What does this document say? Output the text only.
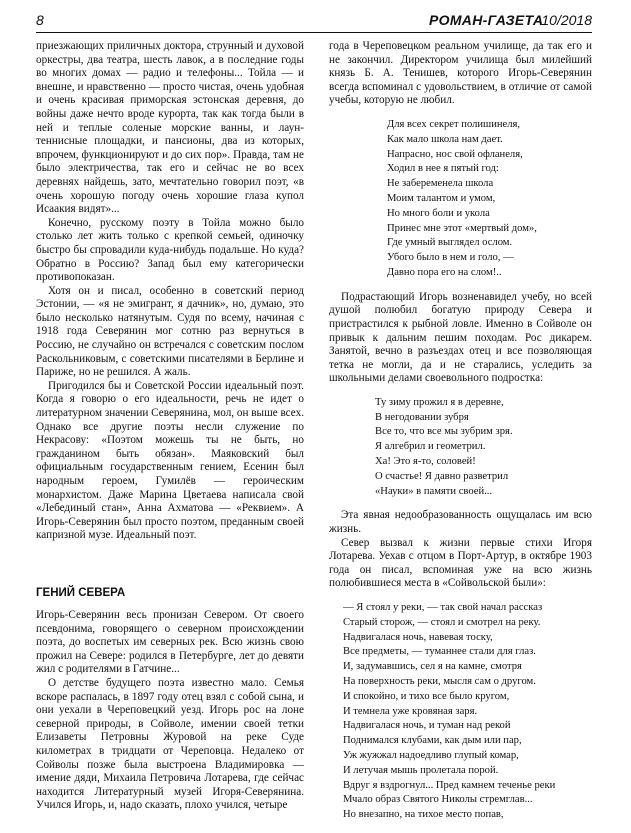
8	РОМАН-ГАЗЕТА
10/2018

приезжающих приличных доктора, струнный и духовой оркестры, два театра, шесть лавок, а в последние годы во многих домах — радио и телефоны... Тойла — и внешне, и нравственно — просто чистая, очень удобная и очень красивая приморская эстонская деревня, до войны даже нечто вроде курорта, так как тогда были в ней и теплые соленые морские ванны, и лаун-теннисные площадки, и пансионы, два из которых, впрочем, функционируют и до сих пор». Правда, там не было электричества, так его и сейчас не во всех деревнях найдешь, зато, мечтательно говорил поэт, «в очень хорошую погоду очень хорошие глаза купол Исаакия видят»...

Конечно, русскому поэту в Тойла можно было столько лет жить только с крепкой семьей, одиночку быстро бы спровадили куда-нибудь подальше. Но куда? Обратно в Россию? Запад был ему категорически противопоказан.

Хотя он и писал, особенно в советский период Эстонии, — «я не эмигрант, я дачник», но, думаю, это было несколько натянутым. Судя по всему, начиная с 1918 года Северянин мог сотню раз вернуться в Россию, не случайно он встречался с советским послом Раскольниковым, с советскими писателями в Берлине и Париже, но не решился. А жаль.

Пригодился бы и Советской России идеальный поэт. Когда я говорю о его идеальности, речь не идет о литературном значении Северянина, мол, он выше всех. Однако все другие поэты несли служение по Некрасову: «Поэтом можешь ты не быть, но гражданином быть обязан». Маяковский был официальным государственным гением, Есенин был народным героем, Гумилёв — героическим монархистом. Даже Марина Цветаева написала свой «Лебединый стан», Анна Ахматова — «Реквием». А Игорь-Северянин был просто поэтом, преданным своей капризной музе. Идеальный поэт.

ГЕНИЙ СЕВЕРА

Игорь-Северянин весь пронизан Севером. От своего псевдонима, говорящего о северном происхождении поэта, до воспетых им северных рек. Всю жизнь свою прожил на Севере: родился в Петербурге, лет до девяти жил с родителями в Гатчине...

О детстве будущего поэта известно мало. Семья вскоре распалась, в 1897 году отец взял с собой сына, и они уехали в Череповецкий уезд. Игорь рос на лоне северной природы, в Сойволе, имении своей тетки Елизаветы Петровны Журовой на реке Суде километрах в тридцати от Череповца. Недалеко от Сойволы позже была выстроена Владимировка — имение дяди, Михаила Петровича Лотарева, где сейчас находится Литературный музей Игоря-Северянина. Учился Игорь, и, надо сказать, плохо учился, четыре

года в Череповецком реальном училище, да так его и не закончил. Директором училища был милейший князь Б. А. Тенишев, которого Игорь-Северянин всегда вспоминал с удовольствием, в отличие от самой учебы, которую не любил.

Для всех секрет полишинеля,
Как мало школа нам дает.
Напрасно, нос свой офланеля,
Ходил в нее я пятый год:
Не забеременела школа
Моим талантом и умом,
Но много боли и укола
Принес мне этот «мертвый дом»,
Где умный выглядел ослом.
Убого было в нем и голо, —
Давно пора его на слом!..

Подрастающий Игорь возненавидел учебу, но всей душой полюбил богатую природу Севера и пристрастился к рыбной ловле. Именно в Сойволе он привык к дальним пешим походам. Рос дикарем. Занятой, вечно в разъездах отец и все позволяющая тетка не могли, да и не старались, уследить за школьными делами своевольного подростка:

Ту зиму прожил я в деревне,
В негодовании зубря
Все то, что все мы зубрим зря.
Я алгебрил и геометрил.
Ха! Это я-то, соловей!
О счастье! Я давно разветрил
«Науки» в памяти своей...

Эта явная недообразованность ощущалась им всю жизнь.

Север вызвал к жизни первые стихи Игоря Лотарева. Уехав с отцом в Порт-Артур, в октябре 1903 года он писал, вспоминая уже на всю жизнь полюбившиеся места в «Сойвольской были»:

— Я стоял у реки, — так свой начал рассказ
Старый сторож, — стоял и смотрел на реку.
Надвигалася ночь, навевая тоску,
Все предметы, — туманнее стали для глаз.
И, задумавшись, сел я на камне, смотря
На поверхность реки, мысля сам о другом.
И спокойно, и тихо все было кругом,
И темнела уже кровяная заря.
Надвигалася ночь, и туман над рекой
Поднимался клубами, как дым или пар,
Уж жужжал надоедливо глупый комар,
И летучая мышь пролетала порой.
Вдруг я вздрогнул... Пред камнем теченье реки
Мчало образ Святого Николы стремглав...
Но внезапно, на тихое место попав,
